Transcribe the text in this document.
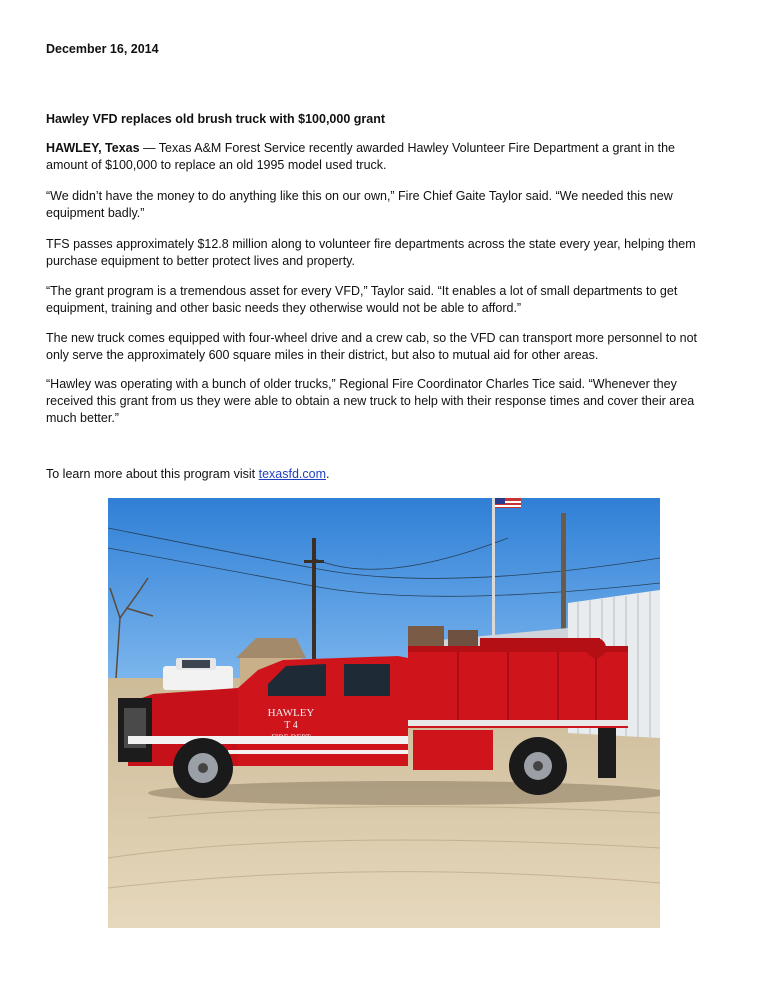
December 16, 2014
Hawley VFD replaces old brush truck with $100,000 grant

HAWLEY, Texas — Texas A&M Forest Service recently awarded Hawley Volunteer Fire Department a grant in the amount of $100,000 to replace an old 1995 model used truck.

“We didn’t have the money to do anything like this on our own,” Fire Chief Gaite Taylor said. “We needed this new equipment badly.”

TFS passes approximately $12.8 million along to volunteer fire departments across the state every year, helping them purchase equipment to better protect lives and property.

“The grant program is a tremendous asset for every VFD,” Taylor said. “It enables a lot of small departments to get equipment, training and other basic needs they otherwise would not be able to afford.”

The new truck comes equipped with four-wheel drive and a crew cab, so the VFD can transport more personnel to not only serve the approximately 600 square miles in their district, but also to mutual aid for other areas.

“Hawley was operating with a bunch of older trucks,” Regional Fire Coordinator Charles Tice said. “Whenever they received this grant from us they were able to obtain a new truck to help with their response times and cover their area much better.”

To learn more about this program visit texasfd.com.

HAWLEY
T 4
FIRE DEPT
